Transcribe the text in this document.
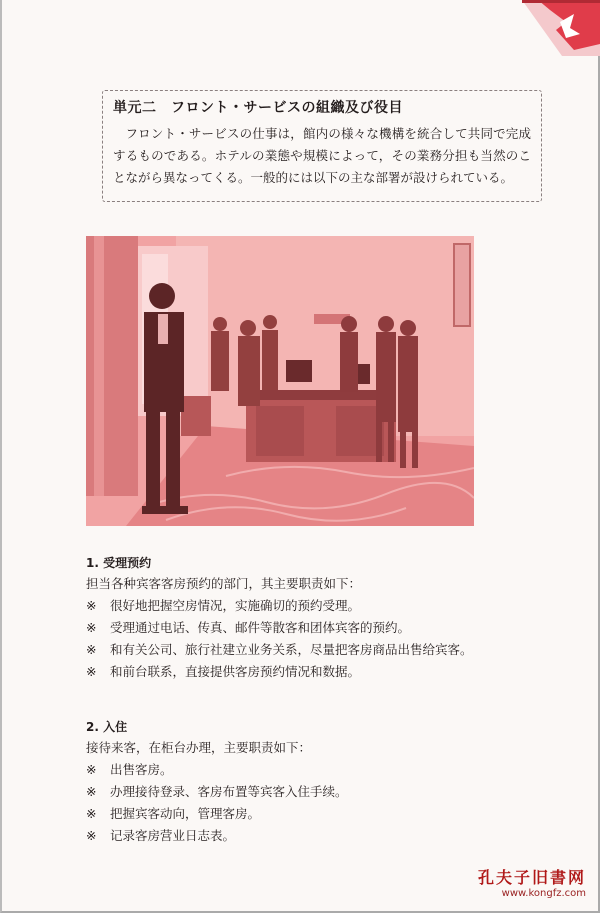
単元二　フロント・サービスの組織及び役目
フロント・サービスの仕事は，館内の様々な機構を統合して共同で完成するものである。ホテルの業態や規模によって，その業務分担も当然のことながら異なってくる。一般的には以下の主な部署が設けられている。
1. 受理预约
担当各种宾客客房预约的部门，其主要职责如下：
※ 很好地把握空房情况，实施确切的预约受理。
※ 受理通过电话、传真、邮件等散客和团体宾客的预约。
※ 和有关公司、旅行社建立业务关系，尽量把客房商品出售给宾客。
※ 和前台联系，直接提供客房预约情况和数据。
2. 入住
接待来客，在柜台办理，主要职责如下：
※ 出售客房。
※ 办理接待登录、客房布置等宾客入住手续。
※ 把握宾客动向，管理客房。
※ 记录客房营业日志表。
孔夫子旧書网
www.kongfz.com
